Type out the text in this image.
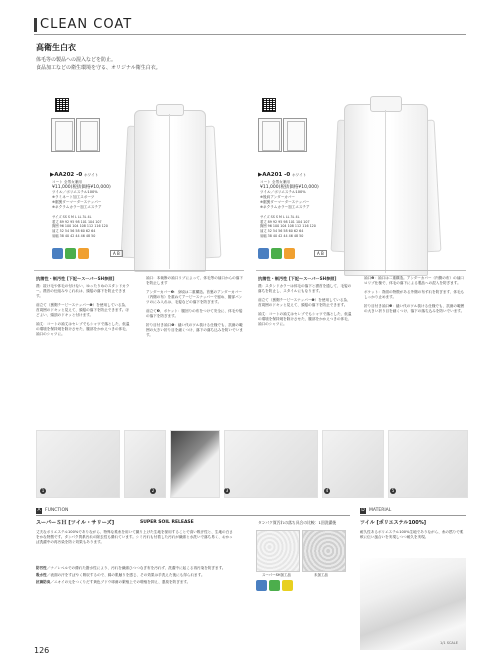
CLEAN COAT
高衛生白衣
体毛等の製品への混入などを防止。
食品加工などの衛生環境を守る、オリジナル衛生白衣。
▶AA202 -0 ホワイト
コート 全男女兼用
¥11,000(税抜価格¥10,000)
ツイル／ポリエステル100%
※ラミネート加工スポーツ
※裾裏ダーマーダースナッパー
※ネクラムカラー加工エステア
サイズ SS S M L LL 3L 4L
着丈 89 92 95 98 101 104 107
胸囲 96 100 104 108 112 116 120
袖丈 52 54 56 58 60 62 64
肩幅 38 40 42 44 46 48 50
A B
▶AA201 -0 ホワイト
コート 全男女兼用
¥11,000(税抜価格¥10,000)
ツイル／ポリエステル100%
※後肩アンダーカバー
※裾裏ダーマーダースナッパー
※ネクラムカラー加工エステア
サイズ SS S M L LL 3L 4L
着丈 89 92 95 98 101 104 107
胸囲 96 100 104 108 112 116 120
袖丈 52 54 56 58 60 62 64
肩幅 38 40 42 44 46 48 50
A B
抗菌性・制汚性 [下記～スーパーSH参照]
襟：抜け毛や体毛の付けない、ゆったりめのスタンドカラー。襟首の仕組みやこれれは、頭髪の落下を防止できます。
前立て（裏側テーピースナッパー❶）を使用している為、首周囲のドキッと見えて、頭髪の落下を防止できます。ほどよい、頭頂のドキッと付けます。
袖丈：コートの袖丈はセレブでもシャツで落とした、低温の環境を保持剤を除けさせた、腰部をかかえつきの体毛、袖口のシャツに。
袖口：本裁断の袖口リブによって、体毛等の袖口からの落下を防止します
アンダーカバー❷：身頃は二重構造。首裏のアンダーカバー（内側の布）を重ねてアーピースナッパーで留め、腰部パンツのにみ入れは、毛髪などの落下を防ぎます。
前立て❸、ポケット：腰回りの布をつけて安全に、体毛や髪の落下を防ぎます。
折り目付き袖口❹：縫い代のツル抜ける仕様でも、抗菌の範囲の大きい折り目を細くつけ、落下の落ち込みを防いでいます。
抗菌性・制汚性 [下記～スーパーSH参照]
襟：スタンドカラーは体毛の落下と襟首を通して、毛髪の落ちを防止し、スタイルにもなります。
前立て（裏側テーピースナッパー❶）を使用している為、首周囲のドキッと見えて、頭髪の落下を防止できます。
袖丈：コートの袖丈はセレブでもシャツで落とした、低温の環境を保持剤を除けさせた、腰部をかかえつきの体毛、袖口のシャツに。
袖口❷：袖口は二重構造。アンダーカバー（内側の布）の袖口ロリブ仕様で、体毛の落下による製品への混入を防ぎます。
ポケット：背面の特徴がある外側の布ずれを防ぎます、体毛もしっかり止めます。
折り目付き袖口❸：縫い代のツル抜ける仕様でも、抗菌の範囲の大きい折り目を細くつけ、落下の落ち込みを防いでいます。
1	2	3	4	5
A FUNCTION
スーパーＳＨ [ツイル・サリーズ]	SUPER SOIL RELEASE
丈夫なポリエステル100%でありながら、特殊な柔糸を用いて織り上げた生地を採用することで高い吸汗性と、生地の白さをかな特徴です。タンパク質系汚れの除去性も優れています。シミ汚れも付着した汚れが繊維と水洗いで落ち易く、おかっぱ洗濯中の再汚染を防ぐ効果もあります。
防汚性／ナノレベルでの優れた撥水性により、汚れを繊維ひつつなぎ布を汚れず、洗濯中に起こる再汚染を防ぎます。
吸水性／表面の汗をすばやく吸収するので、綿の肌触りを感じ、その効果は手洗えた後にも得られます。
抗菌防臭／ニオイの元をつくりだす黄色ブドウ球菌の繁殖上での増殖を抑え、悪臭を防ぎます。
タンパク質汚れの落ち具合の比較：1回洗濯後
スーパーSH加工品	未加工品
D MATERIAL
ツイル [ポリエステル100%]
耐久性あるポリエステル100%生地でありながら、糸の撚りで柔軟に伝い風合いを実現しつつ耐久を実現。
1/1 SCALE
126
